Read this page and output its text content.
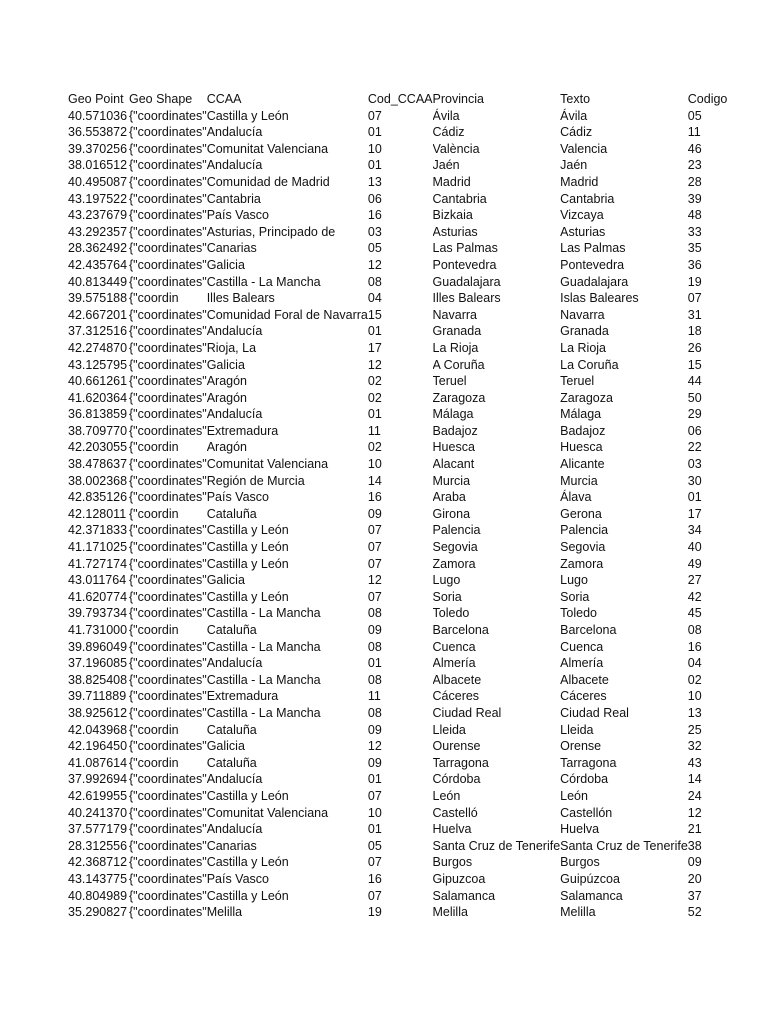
Geo Point	Geo Shape	CCAA	Cod_CCAA	Provincia	Texto	Codigo
40.571036	{"coordinates"	Castilla y León	07	Ávila	Ávila	05
36.553872	{"coordinates"	Andalucía	01	Cádiz	Cádiz	11
39.370256	{"coordinates"	Comunitat Valenciana	10	València	Valencia	46
38.016512	{"coordinates"	Andalucía	01	Jaén	Jaén	23
40.495087	{"coordinates"	Comunidad de Madrid	13	Madrid	Madrid	28
43.197522	{"coordinates"	Cantabria	06	Cantabria	Cantabria	39
43.237679	{"coordinates"	País Vasco	16	Bizkaia	Vizcaya	48
43.292357	{"coordinates"	Asturias, Principado de	03	Asturias	Asturias	33
28.362492	{"coordinates"	Canarias	05	Las Palmas	Las Palmas	35
42.435764	{"coordinates"	Galicia	12	Pontevedra	Pontevedra	36
40.813449	{"coordinates"	Castilla - La Mancha	08	Guadalajara	Guadalajara	19
39.575188	{"coordin	Illes Balears	04	Illes Balears	Islas Baleares	07
42.667201	{"coordinates"	Comunidad Foral de Navarra	15	Navarra	Navarra	31
37.312516	{"coordinates"	Andalucía	01	Granada	Granada	18
42.274870	{"coordinates"	Rioja, La	17	La Rioja	La Rioja	26
43.125795	{"coordinates"	Galicia	12	A Coruña	La Coruña	15
40.661261	{"coordinates"	Aragón	02	Teruel	Teruel	44
41.620364	{"coordinates"	Aragón	02	Zaragoza	Zaragoza	50
36.813859	{"coordinates"	Andalucía	01	Málaga	Málaga	29
38.709770	{"coordinates"	Extremadura	11	Badajoz	Badajoz	06
42.203055	{"coordin	Aragón	02	Huesca	Huesca	22
38.478637	{"coordinates"	Comunitat Valenciana	10	Alacant	Alicante	03
38.002368	{"coordinates"	Región de Murcia	14	Murcia	Murcia	30
42.835126	{"coordinates"	País Vasco	16	Araba	Álava	01
42.128011	{"coordin	Cataluña	09	Girona	Gerona	17
42.371833	{"coordinates"	Castilla y León	07	Palencia	Palencia	34
41.171025	{"coordinates"	Castilla y León	07	Segovia	Segovia	40
41.727174	{"coordinates"	Castilla y León	07	Zamora	Zamora	49
43.011764	{"coordinates"	Galicia	12	Lugo	Lugo	27
41.620774	{"coordinates"	Castilla y León	07	Soria	Soria	42
39.793734	{"coordinates"	Castilla - La Mancha	08	Toledo	Toledo	45
41.731000	{"coordin	Cataluña	09	Barcelona	Barcelona	08
39.896049	{"coordinates"	Castilla - La Mancha	08	Cuenca	Cuenca	16
37.196085	{"coordinates"	Andalucía	01	Almería	Almería	04
38.825408	{"coordinates"	Castilla - La Mancha	08	Albacete	Albacete	02
39.711889	{"coordinates"	Extremadura	11	Cáceres	Cáceres	10
38.925612	{"coordinates"	Castilla - La Mancha	08	Ciudad Real	Ciudad Real	13
42.043968	{"coordin	Cataluña	09	Lleida	Lleida	25
42.196450	{"coordinates"	Galicia	12	Ourense	Orense	32
41.087614	{"coordin	Cataluña	09	Tarragona	Tarragona	43
37.992694	{"coordinates"	Andalucía	01	Córdoba	Córdoba	14
42.619955	{"coordinates"	Castilla y León	07	León	León	24
40.241370	{"coordinates"	Comunitat Valenciana	10	Castelló	Castellón	12
37.577179	{"coordinates"	Andalucía	01	Huelva	Huelva	21
28.312556	{"coordinates"	Canarias	05	Santa Cruz de Tenerife	Santa Cruz de Tenerife	38
42.368712	{"coordinates"	Castilla y León	07	Burgos	Burgos	09
43.143775	{"coordinates"	País Vasco	16	Gipuzcoa	Guipúzcoa	20
40.804989	{"coordinates"	Castilla y León	07	Salamanca	Salamanca	37
35.290827	{"coordinates"	Melilla	19	Melilla	Melilla	52
